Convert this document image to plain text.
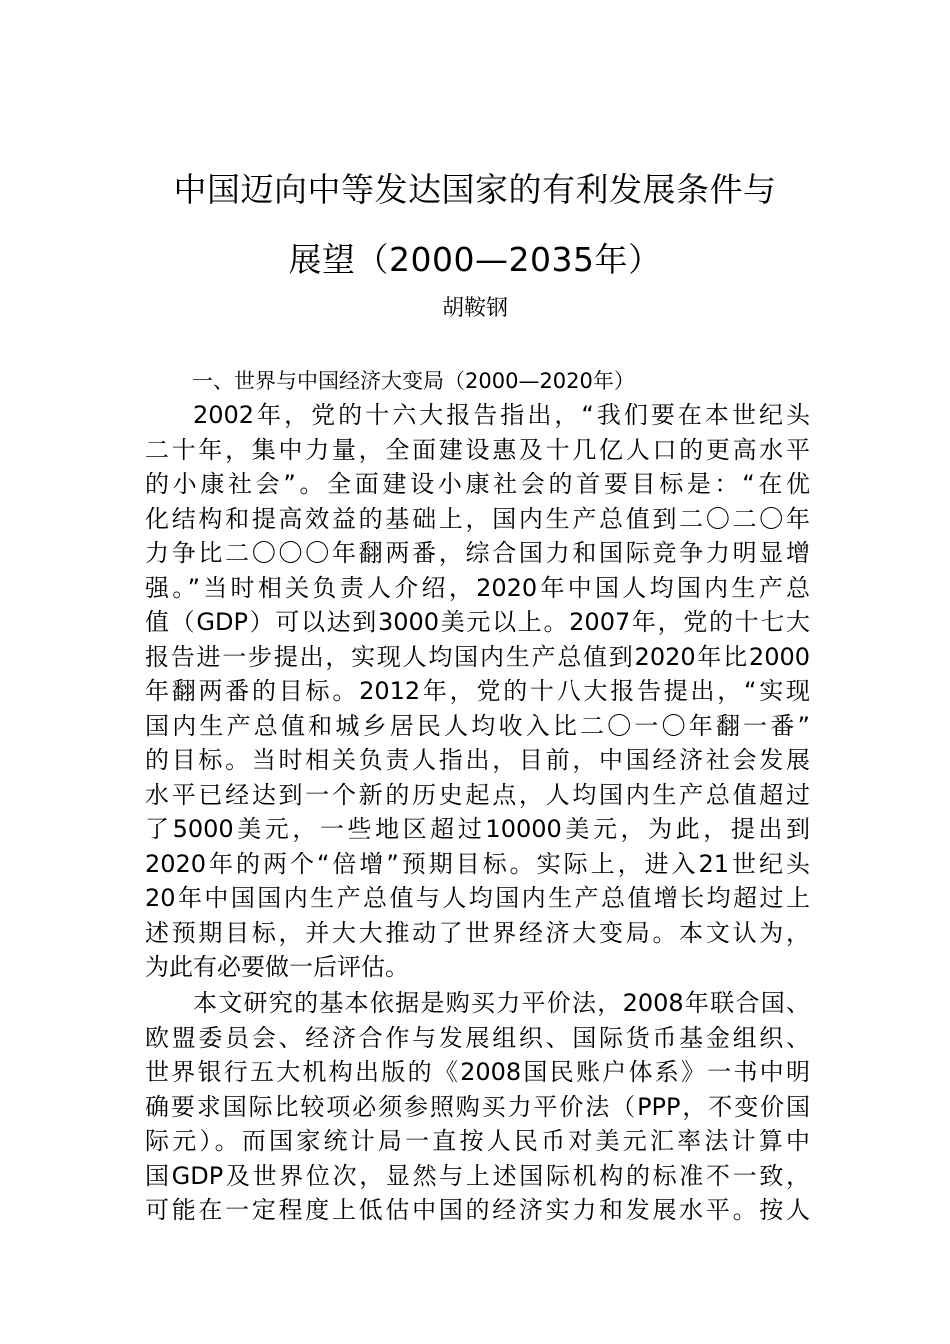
中国迈向中等发达国家的有利发展条件与
展望（2000—2035年）
胡鞍钢
一、世界与中国经济大变局（2000—2020年）
2002年，党的十六大报告指出，“我们要在本世纪头
二十年，集中力量，全面建设惠及十几亿人口的更高水平
的小康社会”。全面建设小康社会的首要目标是：“在优
化结构和提高效益的基础上，国内生产总值到二〇二〇年
力争比二〇〇〇年翻两番，综合国力和国际竞争力明显增
强。”当时相关负责人介绍，2020年中国人均国内生产总
值（GDP）可以达到3000美元以上。2007年，党的十七大
报告进一步提出，实现人均国内生产总值到2020年比2000
年翻两番的目标。2012年，党的十八大报告提出，“实现
国内生产总值和城乡居民人均收入比二〇一〇年翻一番”
的目标。当时相关负责人指出，目前，中国经济社会发展
水平已经达到一个新的历史起点，人均国内生产总值超过
了5000美元，一些地区超过10000美元，为此，提出到
2020年的两个“倍增”预期目标。实际上，进入21世纪头
20年中国国内生产总值与人均国内生产总值增长均超过上
述预期目标，并大大推动了世界经济大变局。本文认为，
为此有必要做一后评估。
本文研究的基本依据是购买力平价法，2008年联合国、
欧盟委员会、经济合作与发展组织、国际货币基金组织、
世界银行五大机构出版的《2008国民账户体系》一书中明
确要求国际比较项必须参照购买力平价法（PPP，不变价国
际元）。而国家统计局一直按人民币对美元汇率法计算中
国GDP及世界位次，显然与上述国际机构的标准不一致，
可能在一定程度上低估中国的经济实力和发展水平。按人
